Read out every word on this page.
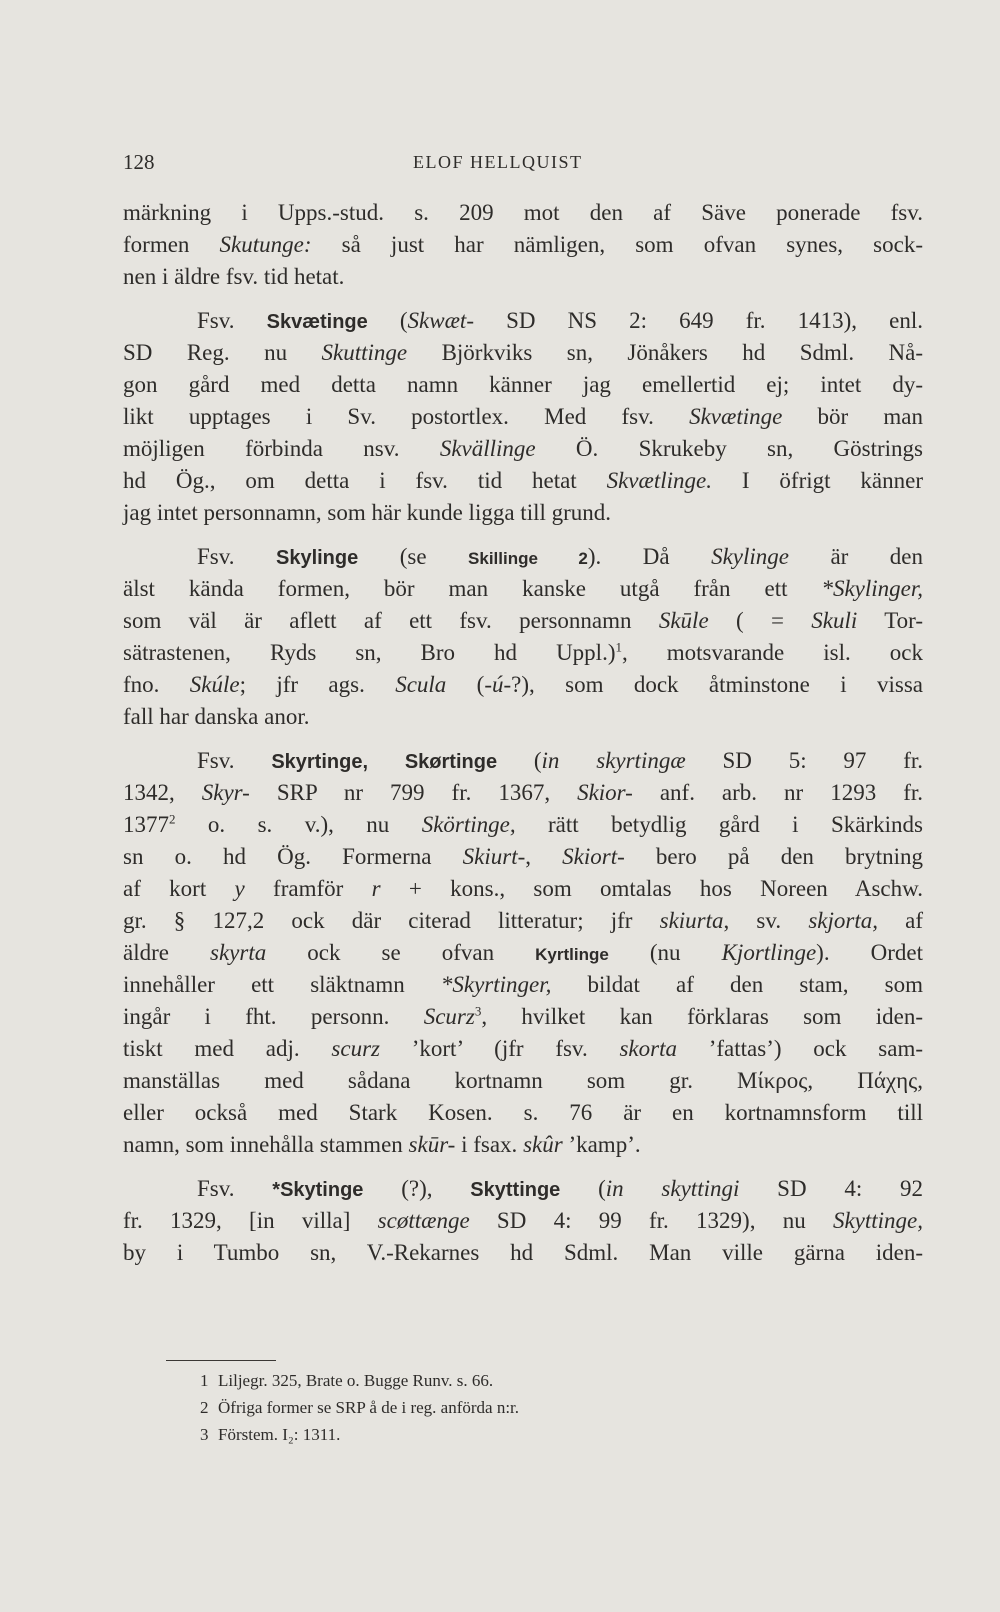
128	ELOF HELLQUIST

märkning i Upps.-stud. s. 209 mot den af Säve ponerade fsv.
formen Skutunge: så just har nämligen, som ofvan synes, sock-
nen i äldre fsv. tid hetat.

Fsv. Skvætinge (Skwæt- SD NS 2: 649 fr. 1413), enl.
SD Reg. nu Skuttinge Björkviks sn, Jönåkers hd Sdml. Nå-
gon gård med detta namn känner jag emellertid ej; intet dy-
likt upptages i Sv. postortlex. Med fsv. Skvætinge bör man
möjligen förbinda nsv. Skvällinge Ö. Skrukeby sn, Göstrings
hd Ög., om detta i fsv. tid hetat Skvætlinge. I öfrigt känner
jag intet personnamn, som här kunde ligga till grund.

Fsv. Skylinge (se Skillinge 2). Då Skylinge är den
älst kända formen, bör man kanske utgå från ett *Skylinger,
som väl är aflett af ett fsv. personnamn Skūle ( = Skuli Tor-
sätrastenen, Ryds sn, Bro hd Uppl.)$^1$, motsvarande isl. ock
fno. Skúle; jfr ags. Scula (-ú-?), som dock åtminstone i vissa
fall har danska anor.

Fsv. Skyrtinge, Skørtinge (in skyrtingæ SD 5: 97 fr.
1342, Skyr- SRP nr 799 fr. 1367, Skior- anf. arb. nr 1293 fr.
1377$^2$ o. s. v.), nu Skörtinge, rätt betydlig gård i Skärkinds
sn o. hd Ög. Formerna Skiurt-, Skiort- bero på den brytning
af kort y framför r + kons., som omtalas hos Noreen Aschw.
gr. § 127,2 ock där citerad litteratur; jfr skiurta, sv. skjorta, af
äldre skyrta ock se ofvan Kyrtlinge (nu Kjortlinge). Ordet
innehåller ett släktnamn *Skyrtinger, bildat af den stam, som
ingår i fht. personn. Scurz$^3$, hvilket kan förklaras som iden-
tiskt med adj. scurz ’kort’ (jfr fsv. skorta ’fattas’) ock sam-
manställas med sådana kortnamn som gr. Μίκρος, Πάχης,
eller också med Stark Kosen. s. 76 är en kortnamnsform till
namn, som innehålla stammen skūr- i fsax. skûr ’kamp’.

Fsv. *Skytinge (?), Skyttinge (in skyttingi SD 4: 92
fr. 1329, [in villa] scøttænge SD 4: 99 fr. 1329), nu Skyttinge,
by i Tumbo sn, V.-Rekarnes hd Sdml. Man ville gärna iden-

1 Liljegr. 325, Brate o. Bugge Runv. s. 66.
2 Öfriga former se SRP å de i reg. anförda n:r.
3 Förstem. I₂: 1311.
